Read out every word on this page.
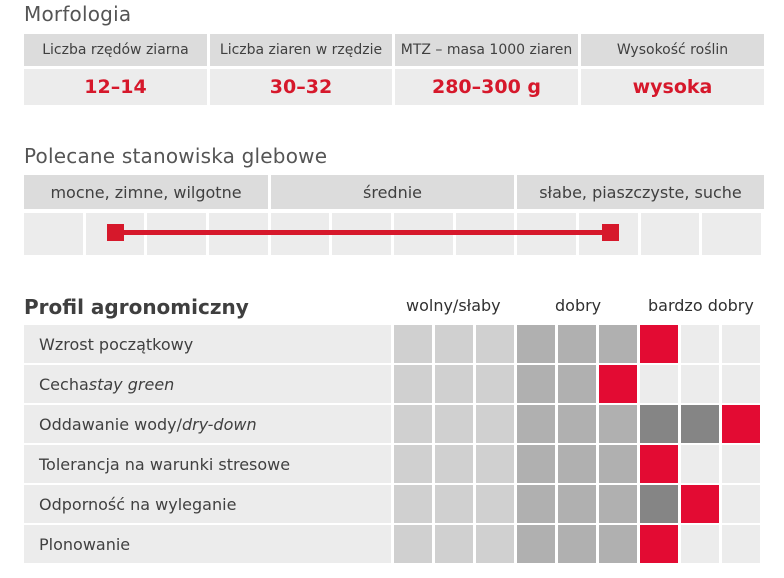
Morfologia
Liczba rzędów ziarna	Liczba ziaren w rzędzie	MTZ – masa 1000 ziaren	Wysokość roślin
12–14	30–32	280–300 g	wysoka
Polecane stanowiska glebowe
mocne, zimne, wilgotne	średnie	słabe, piaszczyste, suche
Profil agronomiczny	wolny/słaby	dobry	bardzo dobry
Wzrost początkowy
Cecha stay green
Oddawanie wody/ dry-down
Tolerancja na warunki stresowe
Odporność na wyleganie
Plonowanie
